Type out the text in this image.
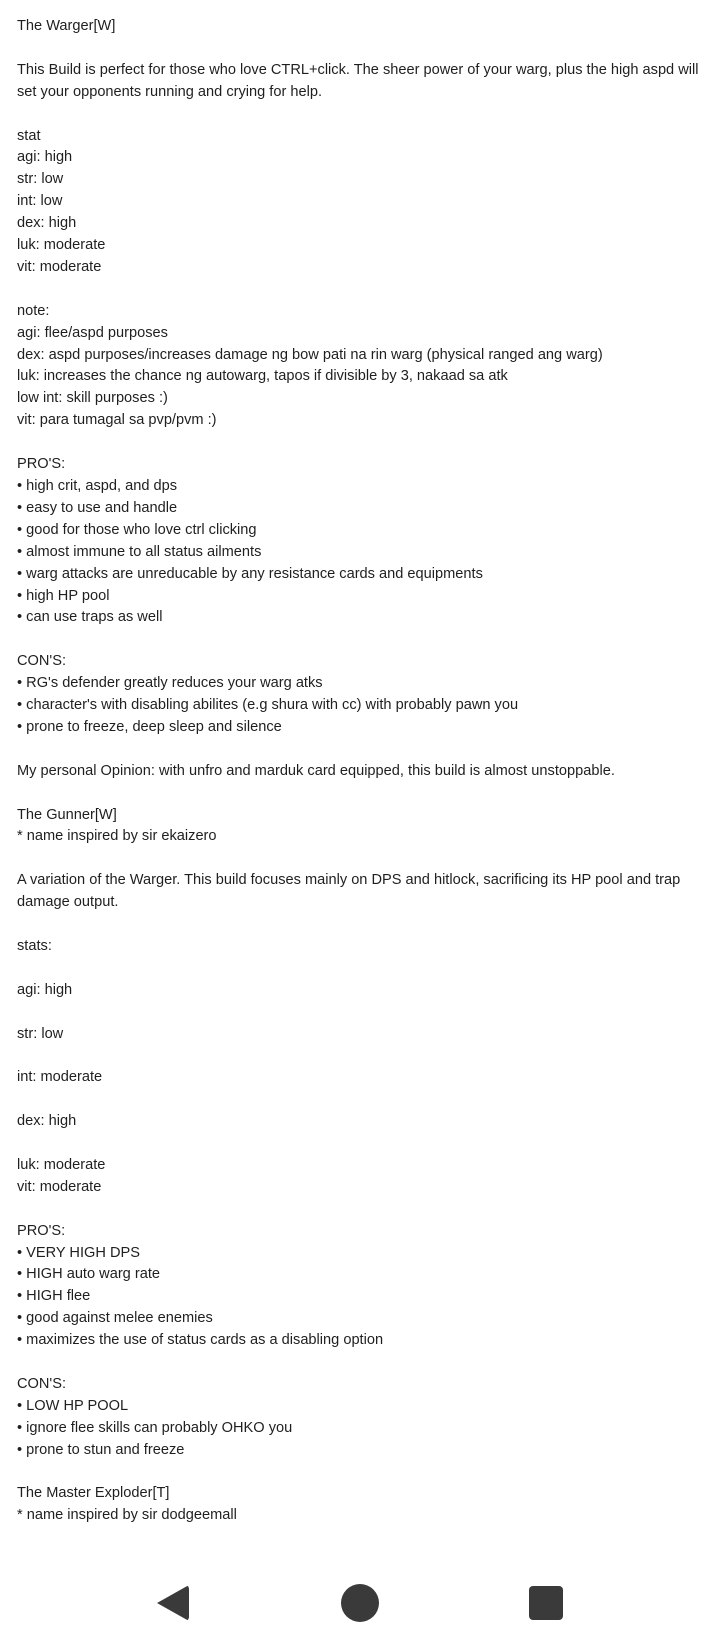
The Warger[W]
This Build is perfect for those who love CTRL+click. The sheer power of your warg, plus the high aspd will set your opponents running and crying for help.
stat
agi: high
str: low
int: low
dex: high
luk: moderate
vit: moderate
note:
agi: flee/aspd purposes
dex: aspd purposes/increases damage ng bow pati na rin warg (physical ranged ang warg)
luk: increases the chance ng autowarg, tapos if divisible by 3, nakaad sa atk
low int: skill purposes :)
vit: para tumagal sa pvp/pvm :)
PRO'S:
• high crit, aspd, and dps
• easy to use and handle
• good for those who love ctrl clicking
• almost immune to all status ailments
• warg attacks are unreducable by any resistance cards and equipments
• high HP pool
• can use traps as well
CON'S:
• RG's defender greatly reduces your warg atks
• character's with disabling abilites (e.g shura with cc) with probably pawn you
• prone to freeze, deep sleep and silence
My personal Opinion: with unfro and marduk card equipped, this build is almost unstoppable.
The Gunner[W]
* name inspired by sir ekaizero
A variation of the Warger. This build focuses mainly on DPS and hitlock, sacrificing its HP pool and trap damage output.
stats:
agi: high
str: low
int: moderate
dex: high
luk: moderate
vit: moderate
PRO'S:
• VERY HIGH DPS
• HIGH auto warg rate
• HIGH flee
• good against melee enemies
• maximizes the use of status cards as a disabling option
CON'S:
• LOW HP POOL
• ignore flee skills can probably OHKO you
• prone to stun and freeze
The Master Exploder[T]
* name inspired by sir dodgeemall
